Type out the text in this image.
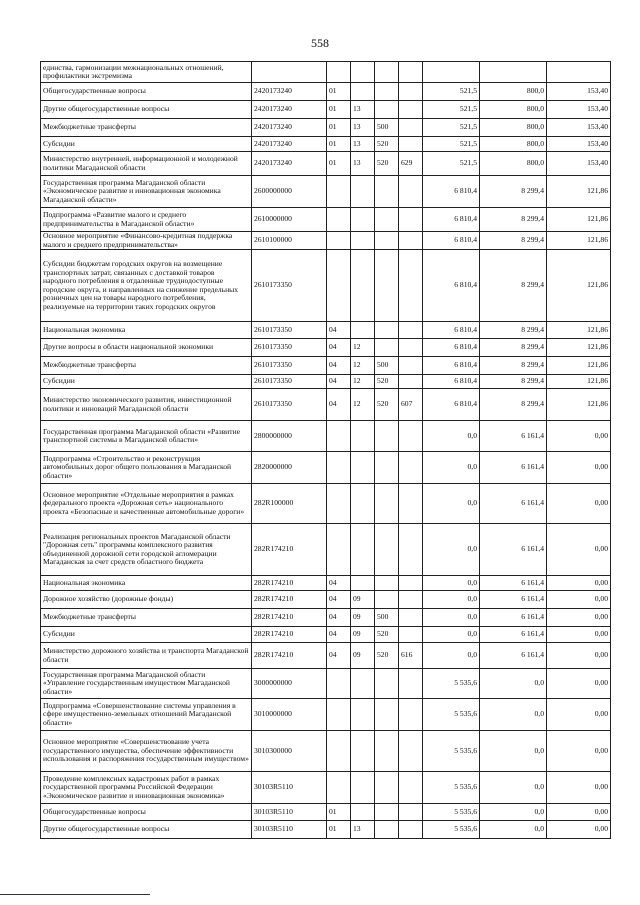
558
единства, гармонизации межнациональных отношений, профилактики экстремизма								
Общегосударственные вопросы	2420173240	01				521,5	800,0	153,40
Другие общегосударственные вопросы	2420173240	01	13			521,5	800,0	153,40
Межбюджетные трансферты	2420173240	01	13	500		521,5	800,0	153,40
Субсидии	2420173240	01	13	520		521,5	800,0	153,40
Министерство внутренней, информационной и молодежной политики Магаданской области	2420173240	01	13	520	629	521,5	800,0	153,40
Государственная программа Магаданской области «Экономическое развитие и инновационная экономика Магаданской области»	2600000000					6 810,4	8 299,4	121,86
Подпрограмма «Развитие малого и среднего предпринимательства в Магаданской области»	2610000000					6 810,4	8 299,4	121,86
Основное мероприятие «Финансово-кредитная поддержка малого и среднего предпринимательства»	2610100000					6 810,4	8 299,4	121,86
Субсидии бюджетам городских округов на возмещение транспортных затрат, связанных с доставкой товаров народного потребления в отдаленные труднодоступные городские округа, и направленных на снижение предельных розничных цен на товары народного потребления, реализуемые на территории таких городских округов	2610173350					6 810,4	8 299,4	121,86
Национальная экономика	2610173350	04				6 810,4	8 299,4	121,86
Другие вопросы в области национальной экономики	2610173350	04	12			6 810,4	8 299,4	121,86
Межбюджетные трансферты	2610173350	04	12	500		6 810,4	8 299,4	121,86
Субсидии	2610173350	04	12	520		6 810,4	8 299,4	121,86
Министерство экономического развития, инвестиционной политики и инноваций Магаданской области	2610173350	04	12	520	607	6 810,4	8 299,4	121,86
Государственная программа Магаданской области «Развитие транспортной системы в Магаданской области»	2800000000					0,0	6 161,4	0,00
Подпрограмма «Строительство и реконструкция автомобильных дорог общего пользования в Магаданской области»	2820000000					0,0	6 161,4	0,00
Основное мероприятие «Отдельные мероприятия в рамках федерального проекта «Дорожная сеть» национального проекта «Безопасные и качественные автомобильные дороги»	282R100000					0,0	6 161,4	0,00
Реализация региональных проектов Магаданской области "Дорожная сеть" программы комплексного развития объединенной дорожной сети городской агломерации Магаданская за счет средств областного бюджета	282R174210					0,0	6 161,4	0,00
Национальная экономика	282R174210	04				0,0	6 161,4	0,00
Дорожное хозяйство (дорожные фонды)	282R174210	04	09			0,0	6 161,4	0,00
Межбюджетные трансферты	282R174210	04	09	500		0,0	6 161,4	0,00
Субсидии	282R174210	04	09	520		0,0	6 161,4	0,00
Министерство дорожного хозяйства и транспорта Магаданской области	282R174210	04	09	520	616	0,0	6 161,4	0,00
Государственная программа Магаданской области «Управление государственным имуществом Магаданской области»	3000000000					5 535,6	0,0	0,00
Подпрограмма «Совершенствование системы управления в сфере имущественно-земельных отношений Магаданской области»	3010000000					5 535,6	0,0	0,00
Основное мероприятие «Совершенствование учета государственного имущества, обеспечение эффективности использования и распоряжения государственным имуществом»	3010300000					5 535,6	0,0	0,00
Проведение комплексных кадастровых работ в рамках государственной программы Российской Федерации «Экономическое развитие и инновационная экономика»	30103R5110					5 535,6	0,0	0,00
Общегосударственные вопросы	30103R5110	01				5 535,6	0,0	0,00
Другие общегосударственные вопросы	30103R5110	01	13			5 535,6	0,0	0,00
